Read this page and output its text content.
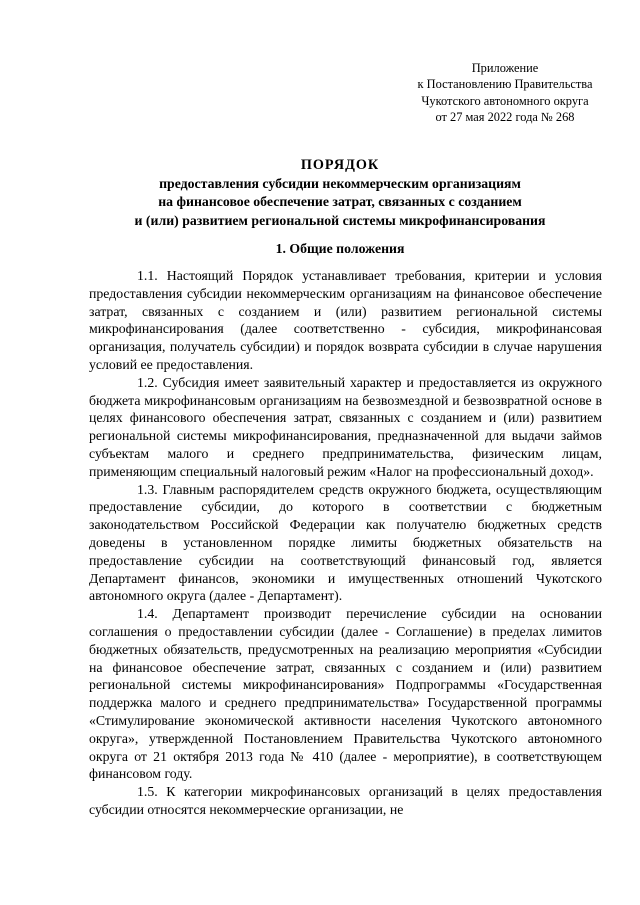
Приложение
к Постановлению Правительства
Чукотского автономного округа
от 27 мая 2022 года № 268
ПОРЯДОК
предоставления субсидии некоммерческим организациям
на финансовое обеспечение затрат, связанных с созданием
и (или) развитием региональной системы микрофинансирования
1. Общие положения

1.1. Настоящий Порядок устанавливает требования, критерии и условия предоставления субсидии некоммерческим организациям на финансовое обеспечение затрат, связанных с созданием и (или) развитием региональной системы микрофинансирования (далее соответственно - субсидия, микрофинансовая организация, получатель субсидии) и порядок возврата субсидии в случае нарушения условий ее предоставления.

1.2. Субсидия имеет заявительный характер и предоставляется из окружного бюджета микрофинансовым организациям на безвозмездной и безвозвратной основе в целях финансового обеспечения затрат, связанных с созданием и (или) развитием региональной системы микрофинансирования, предназначенной для выдачи займов субъектам малого и среднего предпринимательства, физическим лицам, применяющим специальный налоговый режим «Налог на профессиональный доход».

1.3. Главным распорядителем средств окружного бюджета, осуществляющим предоставление субсидии, до которого в соответствии с бюджетным законодательством Российской Федерации как получателю бюджетных средств доведены в установленном порядке лимиты бюджетных обязательств на предоставление субсидии на соответствующий финансовый год, является Департамент финансов, экономики и имущественных отношений Чукотского автономного округа (далее - Департамент).

1.4. Департамент производит перечисление субсидии на основании соглашения о предоставлении субсидии (далее - Соглашение) в пределах лимитов бюджетных обязательств, предусмотренных на реализацию мероприятия «Субсидии на финансовое обеспечение затрат, связанных с созданием и (или) развитием региональной системы микрофинансирования» Подпрограммы «Государственная поддержка малого и среднего предпринимательства» Государственной программы «Стимулирование экономической активности населения Чукотского автономного округа», утвержденной Постановлением Правительства Чукотского автономного округа от 21 октября 2013 года № 410 (далее - мероприятие), в соответствующем финансовом году.

1.5. К категории микрофинансовых организаций в целях предоставления субсидии относятся некоммерческие организации, не
